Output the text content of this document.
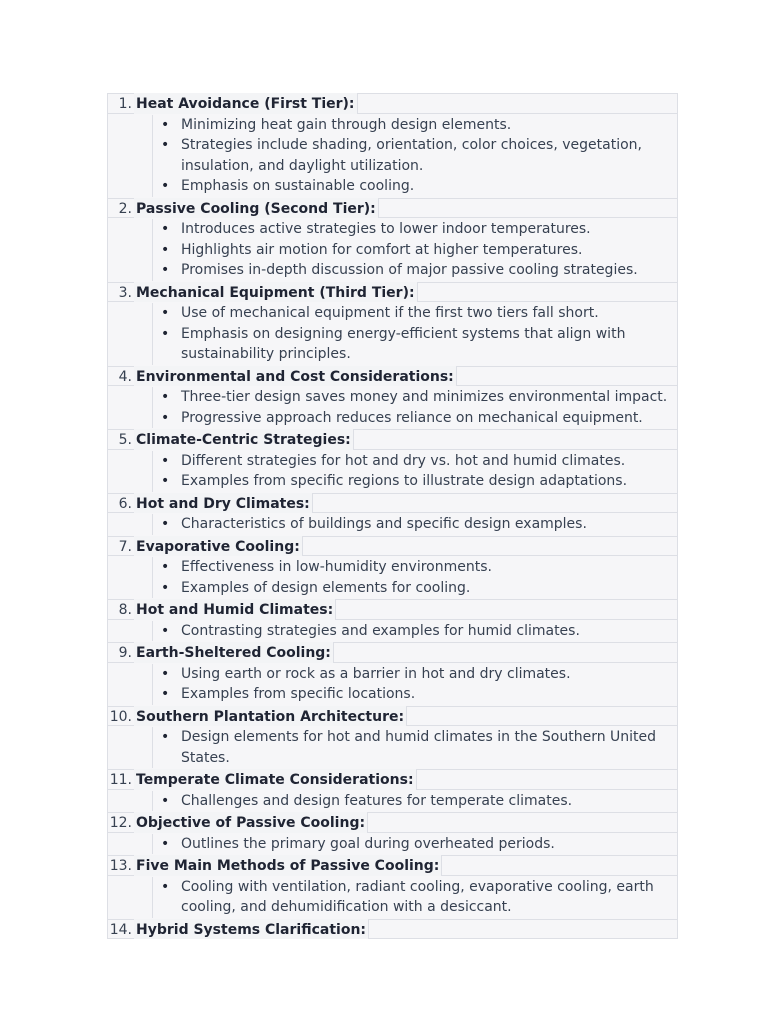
1. Heat Avoidance (First Tier):
• Minimizing heat gain through design elements.
• Strategies include shading, orientation, color choices, vegetation,
insulation, and daylight utilization.
• Emphasis on sustainable cooling.
2. Passive Cooling (Second Tier):
• Introduces active strategies to lower indoor temperatures.
• Highlights air motion for comfort at higher temperatures.
• Promises in-depth discussion of major passive cooling strategies.
3. Mechanical Equipment (Third Tier):
• Use of mechanical equipment if the first two tiers fall short.
• Emphasis on designing energy-efficient systems that align with
sustainability principles.
4. Environmental and Cost Considerations:
• Three-tier design saves money and minimizes environmental impact.
• Progressive approach reduces reliance on mechanical equipment.
5. Climate-Centric Strategies:
• Different strategies for hot and dry vs. hot and humid climates.
• Examples from specific regions to illustrate design adaptations.
6. Hot and Dry Climates:
• Characteristics of buildings and specific design examples.
7. Evaporative Cooling:
• Effectiveness in low-humidity environments.
• Examples of design elements for cooling.
8. Hot and Humid Climates:
• Contrasting strategies and examples for humid climates.
9. Earth-Sheltered Cooling:
• Using earth or rock as a barrier in hot and dry climates.
• Examples from specific locations.
10. Southern Plantation Architecture:
• Design elements for hot and humid climates in the Southern United States.
11. Temperate Climate Considerations:
• Challenges and design features for temperate climates.
12. Objective of Passive Cooling:
• Outlines the primary goal during overheated periods.
13. Five Main Methods of Passive Cooling:
• Cooling with ventilation, radiant cooling, evaporative cooling, earth
cooling, and dehumidification with a desiccant.
14. Hybrid Systems Clarification:
